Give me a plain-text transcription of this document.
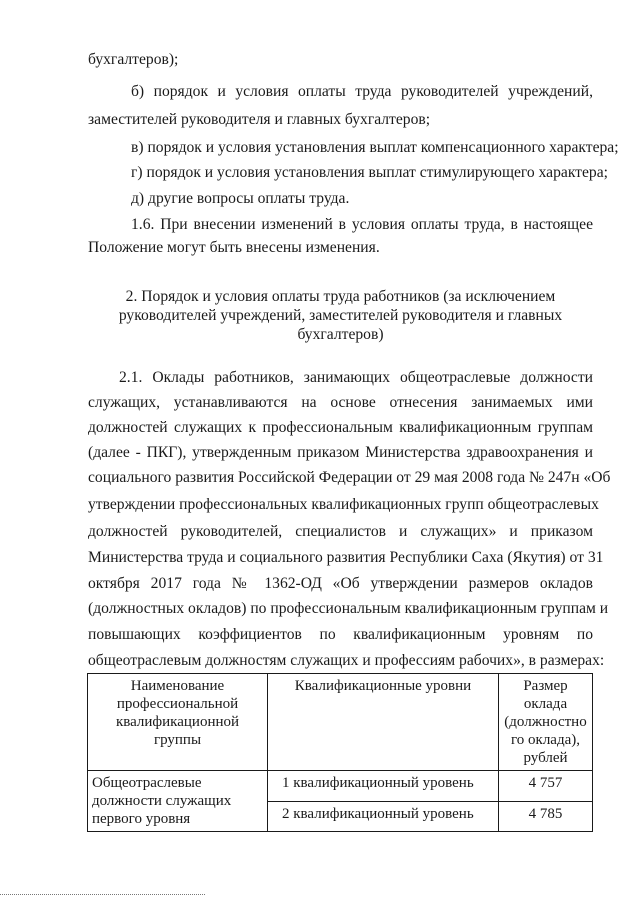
бухгалтеров);
б) порядок и условия оплаты труда руководителей учреждений,
заместителей руководителя и главных бухгалтеров;
в) порядок и условия установления выплат компенсационного характера;
г) порядок и условия установления выплат стимулирующего характера;
д) другие вопросы оплаты труда.
1.6. При внесении изменений в условия оплаты труда, в настоящее
Положение могут быть внесены изменения.
2. Порядок и условия оплаты труда работников (за исключением
руководителей учреждений, заместителей руководителя и главных
бухгалтеров)
2.1. Оклады работников, занимающих общеотраслевые должности
служащих, устанавливаются на основе отнесения занимаемых ими
должностей служащих к профессиональным квалификационным группам
(далее - ПКГ), утвержденным приказом Министерства здравоохранения и
социального развития Российской Федерации от 29 мая 2008 года № 247н «Об
утверждении профессиональных квалификационных групп общеотраслевых
должностей руководителей, специалистов и служащих» и приказом
Министерства труда и социального развития Республики Саха (Якутия) от 31
октября 2017 года № 1362-ОД «Об утверждении размеров окладов
(должностных окладов) по профессиональным квалификационным группам и
повышающих коэффициентов по квалификационным уровням по
общеотраслевым должностям служащих и профессиям рабочих», в размерах:
Наименование профессиональной квалификационной группы	Квалификационные уровни	Размер оклада (должностно го оклада), рублей
Общеотраслевые должности служащих первого уровня	1 квалификационный уровень	4 757
	2 квалификационный уровень	4 785
